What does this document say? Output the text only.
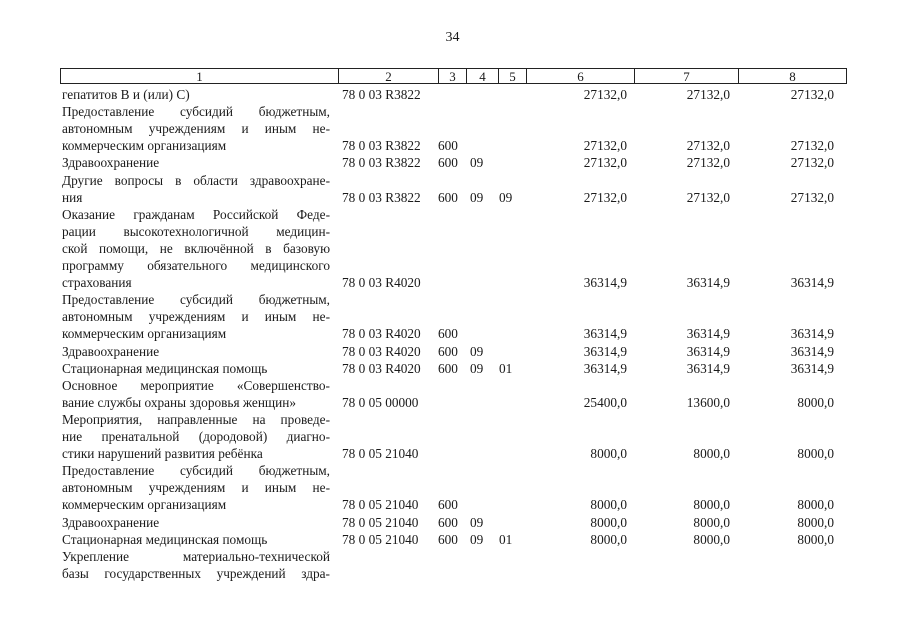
34
1	2	3	4	5	6	7	8
гепатитов В и (или) С)	78 0 03 R3822	27132,0	27132,0	27132,0
Предоставление субсидий бюджетным,
автономным учреждениям и иным не-
коммерческим организациям	78 0 03 R3822 600	27132,0	27132,0	27132,0
Здравоохранение	78 0 03 R3822 600 09	27132,0	27132,0	27132,0
Другие вопросы в области здравоохране-
ния	78 0 03 R3822 600 09 09	27132,0	27132,0	27132,0
Оказание гражданам Российской Феде-
рации высокотехнологичной медицин-
ской помощи, не включённой в базовую
программу обязательного медицинского
страхования	78 0 03 R4020	36314,9	36314,9	36314,9
Предоставление субсидий бюджетным,
автономным учреждениям и иным не-
коммерческим организациям	78 0 03 R4020 600	36314,9	36314,9	36314,9
Здравоохранение	78 0 03 R4020 600 09	36314,9	36314,9	36314,9
Стационарная медицинская помощь	78 0 03 R4020 600 09 01	36314,9	36314,9	36314,9
Основное мероприятие «Совершенство-
вание службы охраны здоровья женщин»	78 0 05 00000	25400,0	13600,0	8000,0
Мероприятия, направленные на проведе-
ние пренатальной (дородовой) диагно-
стики нарушений развития ребёнка	78 0 05 21040	8000,0	8000,0	8000,0
Предоставление субсидий бюджетным,
автономным учреждениям и иным не-
коммерческим организациям	78 0 05 21040 600	8000,0	8000,0	8000,0
Здравоохранение	78 0 05 21040 600 09	8000,0	8000,0	8000,0
Стационарная медицинская помощь	78 0 05 21040 600 09 01	8000,0	8000,0	8000,0
Укрепление материально-технической
базы государственных учреждений здра-
